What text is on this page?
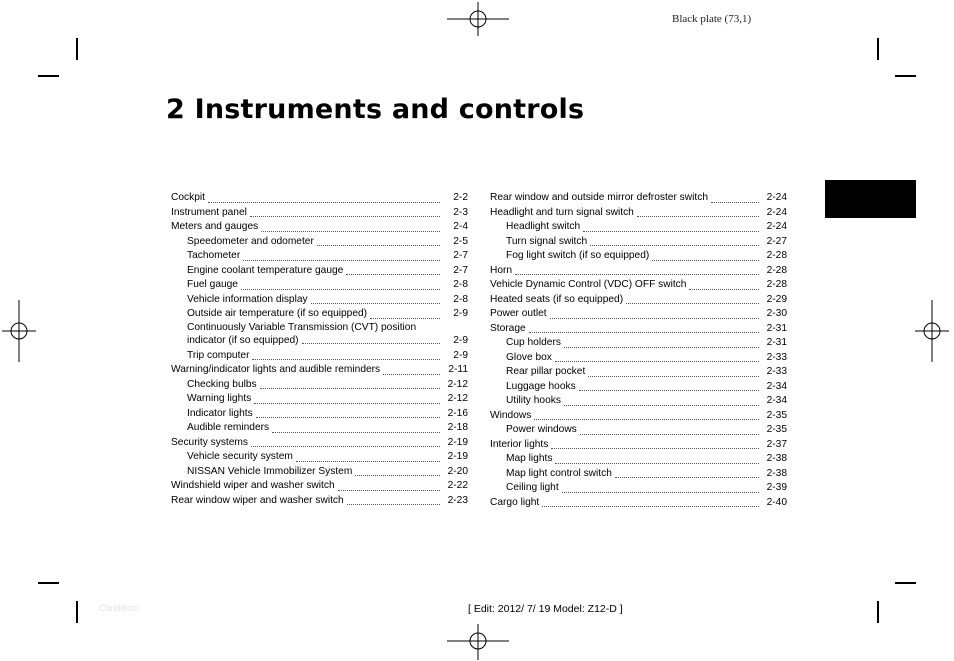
Black plate (73,1)
2 Instruments and controls
Cockpit	2-2
Instrument panel	2-3
Meters and gauges	2-4
Speedometer and odometer	2-5
Tachometer	2-7
Engine coolant temperature gauge	2-7
Fuel gauge	2-8
Vehicle information display	2-8
Outside air temperature (if so equipped)	2-9
Continuously Variable Transmission (CVT) position
indicator (if so equipped)	2-9
Trip computer	2-9
Warning/indicator lights and audible reminders	2-11
Checking bulbs	2-12
Warning lights	2-12
Indicator lights	2-16
Audible reminders	2-18
Security systems	2-19
Vehicle security system	2-19
NISSAN Vehicle Immobilizer System	2-20
Windshield wiper and washer switch	2-22
Rear window wiper and washer switch	2-23
Rear window and outside mirror defroster switch	2-24
Headlight and turn signal switch	2-24
Headlight switch	2-24
Turn signal switch	2-27
Fog light switch (if so equipped)	2-28
Horn	2-28
Vehicle Dynamic Control (VDC) OFF switch	2-28
Heated seats (if so equipped)	2-29
Power outlet	2-30
Storage	2-31
Cup holders	2-31
Glove box	2-33
Rear pillar pocket	2-33
Luggage hooks	2-34
Utility hooks	2-34
Windows	2-35
Power windows	2-35
Interior lights	2-37
Map lights	2-38
Map light control switch	2-38
Ceiling light	2-39
Cargo light	2-40
Condition:	[ Edit: 2012/ 7/ 19 Model: Z12-D ]
